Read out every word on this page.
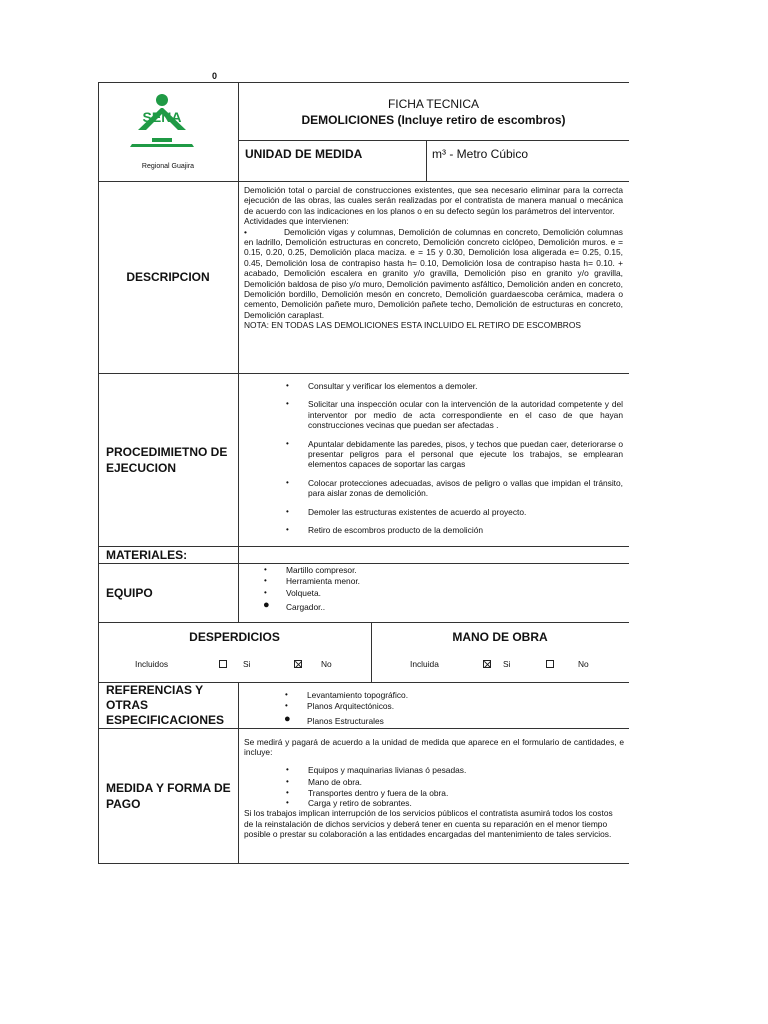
0
SENA
Regional Guajira
FICHA TECNICA
DEMOLICIONES (Incluye retiro de escombros)
UNIDAD DE MEDIDA	m³ - Metro Cúbico
DESCRIPCION
Demolición total o parcial de construcciones existentes, que sea necesario eliminar para la correcta ejecución de las obras, las cuales serán realizadas por el contratista de manera manual o mecánica de acuerdo con las indicaciones en los planos o en su defecto según los parámetros del interventor.
Actividades que intervienen:
•	Demolición vigas y columnas, Demolición de columnas en concreto, Demolición columnas en ladrillo, Demolición estructuras en concreto, Demolición concreto ciclópeo, Demolición muros. e = 0.15, 0.20, 0.25, Demolición placa maciza. e = 15 y 0.30, Demolición losa aligerada e= 0.25, 0.15, 0.45, Demolición losa de contrapiso hasta h= 0.10, Demolición losa de contrapiso hasta h= 0.10. + acabado, Demolición escalera en granito y/o gravilla, Demolición piso en granito y/o gravilla, Demolición baldosa de piso y/o muro, Demolición pavimento asfáltico, Demolición anden en concreto, Demolición bordillo, Demolición mesón en concreto, Demolición guardaescoba cerámica, madera o cemento, Demolición pañete muro, Demolición pañete techo, Demolición de estructuras en concreto, Demolición caraplast.
NOTA: EN TODAS LAS DEMOLICIONES ESTA INCLUIDO EL RETIRO DE ESCOMBROS
PROCEDIMIETNO DE EJECUCION
• Consultar y verificar los elementos a demoler.
• Solicitar una inspección ocular con la intervención de la autoridad competente y del interventor por medio de acta correspondiente en el caso de que hayan construcciones vecinas que puedan ser afectadas .
• Apuntalar debidamente las paredes, pisos, y techos que puedan caer, deteriorarse o presentar peligros para el personal que ejecute los trabajos, se emplearan elementos capaces de soportar las cargas
• Colocar protecciones adecuadas, avisos de peligro o vallas que impidan el tránsito, para aislar zonas de demolición.
• Demoler las estructuras existentes de acuerdo al proyecto.
• Retiro de escombros producto de la demolición
MATERIALES:
EQUIPO
• Martillo compresor.
• Herramienta menor.
• Volqueta.
● Cargador..
DESPERDICIOS
Incluidos	Si	No
MANO DE OBRA
Incluida	Si	No
REFERENCIAS Y OTRAS ESPECIFICACIONES
• Levantamiento topográfico.
• Planos Arquitectónicos.
● Planos Estructurales
MEDIDA Y FORMA DE PAGO
Se medirá y pagará de acuerdo a la unidad de medida que aparece en el formulario de cantidades, e incluye:
• Equipos y maquinarias livianas ó pesadas.
• Mano de obra.
• Transportes dentro y fuera de la obra.
• Carga y retiro de sobrantes.
Si los trabajos implican interrupción de los servicios públicos el contratista asumirá todos los costos de la reinstalación de dichos servicios y deberá tener en cuenta su reparación en el menor tiempo posible o prestar su colaboración a las entidades encargadas del mantenimiento de tales servicios.
